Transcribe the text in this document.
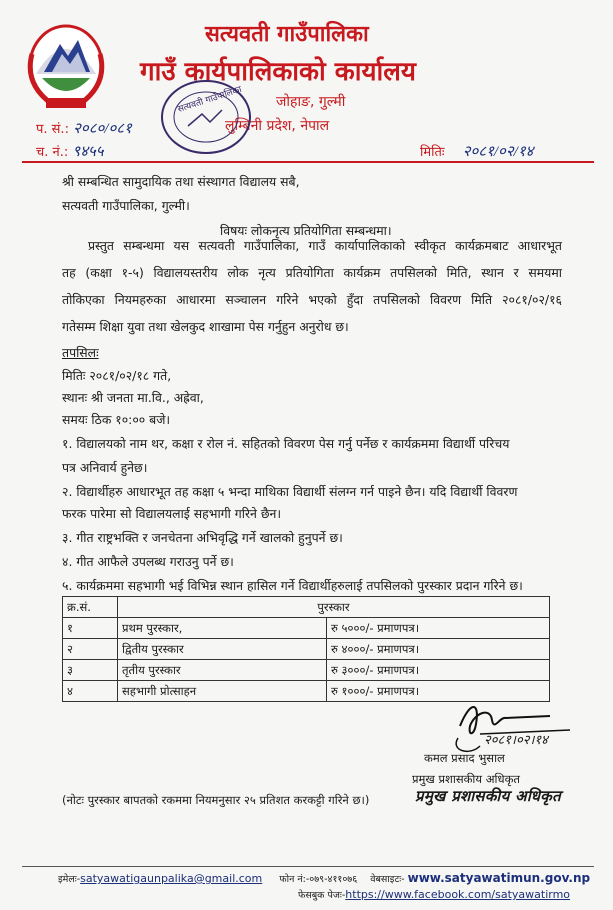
सत्यवती गाउँपालिका
गाउँ कार्यपालिकाको कार्यालय
जोहाङ, गुल्मी
लुम्बिनी प्रदेश, नेपाल
सत्यवती गाउँपालिका
प. सं.: २०८०/०८१
च. नं.: ९४५५	मितिः २०८१/०२/१४
श्री सम्बन्धित सामुदायिक तथा संस्थागत विद्यालय सबै,
सत्यवती गाउँपालिका, गुल्मी।
विषयः लोकनृत्य प्रतियोगिता सम्बन्धमा।
प्रस्तुत सम्बन्धमा यस सत्यवती गाउँपालिका, गाउँ कार्यापालिकाको स्वीकृत कार्यक्रमबाट आधारभूत
तह (कक्षा १-५) विद्यालयस्तरीय लोक नृत्य प्रतियोगिता कार्यक्रम तपसिलको मिति, स्थान र समयमा
तोकिएका नियमहरुका आधारमा सञ्चालन गरिने भएको हुँदा तपसिलको विवरण मिति २०८१/०२/१६
गतेसम्म शिक्षा युवा तथा खेलकुद शाखामा पेस गर्नुहुन अनुरोध छ।
तपसिलः
मितिः २०८१/०२/१८ गते,
स्थानः श्री जनता मा.वि., अह्रेवा,
समयः ठिक १०:०० बजे।
१. विद्यालयको नाम थर, कक्षा र रोल नं. सहितको विवरण पेस गर्नु पर्नेछ र कार्यक्रममा विद्यार्थी परिचय
पत्र अनिवार्य हुनेछ।
२. विद्यार्थीहरु आधारभूत तह कक्षा ५ भन्दा माथिका विद्यार्थी संलग्न गर्न पाइने छैन। यदि विद्यार्थी विवरण
फरक पारेमा सो विद्यालयलाई सहभागी गरिने छैन।
३. गीत राष्ट्रभक्ति र जनचेतना अभिवृद्धि गर्ने खालको हुनुपर्ने छ।
४. गीत आफैले उपलब्ध गराउनु पर्ने छ।
५. कार्यक्रममा सहभागी भई विभिन्न स्थान हासिल गर्ने विद्यार्थीहरुलाई तपसिलको पुरस्कार प्रदान गरिने छ।
क्र.सं.	पुरस्कार	
१	प्रथम पुरस्कार,	रु ५०००/- प्रमाणपत्र।
२	द्वितीय पुरस्कार	रु ४०००/- प्रमाणपत्र।
३	तृतीय पुरस्कार	रु ३०००/- प्रमाणपत्र।
४	सहभागी प्रोत्साहन	रु १०००/- प्रमाणपत्र।
२०८१।०२।१४
कमल प्रसाद भुसाल
प्रमुख प्रशासकीय अधिकृत
प्रमुख प्रशासकीय अधिकृत
(नोटः पुरस्कार बापतको रकममा नियमनुसार २५ प्रतिशत करकट्टी गरिने छ।)
इमेलः-satyawatigaunpalika@gmail.com फोन नं:-०७९-४११०७६ वेबसाइटः- www.satyawatimun.gov.np
फेसबुक पेजः-https://www.facebook.com/satyawatirmo
